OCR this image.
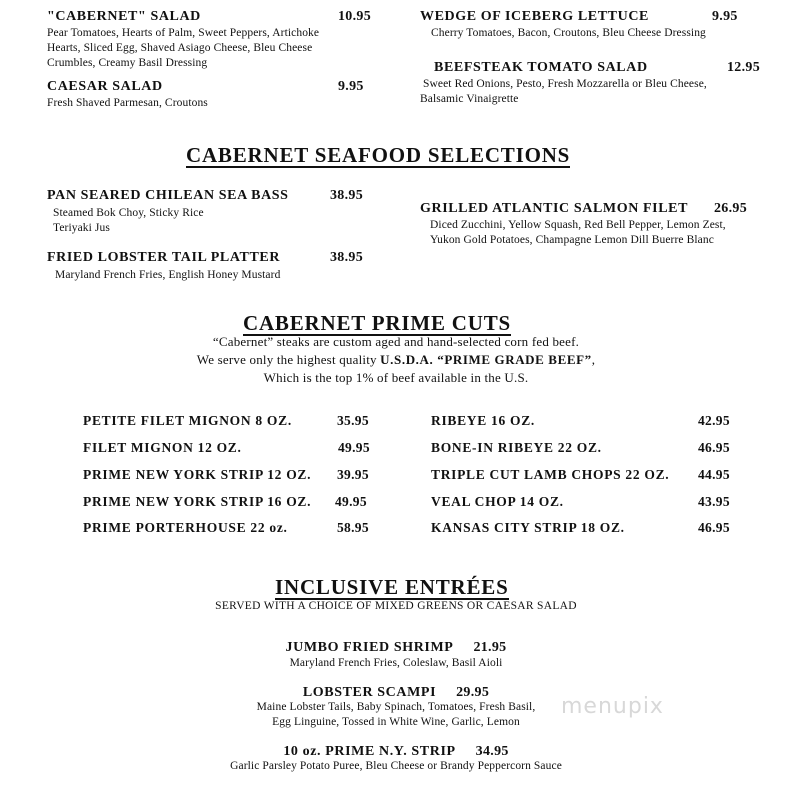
"CABERNET" SALAD	10.95
Pear Tomatoes, Hearts of Palm, Sweet Peppers, Artichoke
Hearts, Sliced Egg, Shaved Asiago Cheese, Bleu Cheese
Crumbles, Creamy Basil Dressing
CAESAR SALAD	9.95
Fresh Shaved Parmesan, Croutons
WEDGE OF ICEBERG LETTUCE	9.95
Cherry Tomatoes, Bacon, Croutons, Bleu Cheese Dressing
BEEFSTEAK TOMATO SALAD	12.95
Sweet Red Onions, Pesto, Fresh Mozzarella or Bleu Cheese,
Balsamic Vinaigrette
CABERNET SEAFOOD SELECTIONS
PAN SEARED CHILEAN SEA BASS	38.95
Steamed Bok Choy, Sticky Rice
Teriyaki Jus
FRIED LOBSTER TAIL PLATTER	38.95
Maryland French Fries, English Honey Mustard
GRILLED ATLANTIC SALMON FILET 26.95
Diced Zucchini, Yellow Squash, Red Bell Pepper, Lemon Zest,
Yukon Gold Potatoes, Champagne Lemon Dill Buerre Blanc
CABERNET PRIME CUTS
“Cabernet” steaks are custom aged and hand-selected corn fed beef.
We serve only the highest quality U.S.D.A. “PRIME GRADE BEEF”,
Which is the top 1% of beef available in the U.S.
PETITE FILET MIGNON 8 OZ.	35.95
FILET MIGNON 12 OZ.	49.95
PRIME NEW YORK STRIP 12 OZ. 39.95
PRIME NEW YORK STRIP 16 OZ. 49.95
PRIME PORTERHOUSE 22 oz.	58.95
RIBEYE 16 OZ.	42.95
BONE-IN RIBEYE 22 OZ.	46.95
TRIPLE CUT LAMB CHOPS 22 OZ. 44.95
VEAL CHOP 14 OZ.	43.95
KANSAS CITY STRIP 18 OZ.	46.95
INCLUSIVE ENTRÉES
SERVED WITH A CHOICE OF MIXED GREENS OR CAESAR SALAD
JUMBO FRIED SHRIMP 21.95
Maryland French Fries, Coleslaw, Basil Aioli
LOBSTER SCAMPI 29.95
Maine Lobster Tails, Baby Spinach, Tomatoes, Fresh Basil,
Egg Linguine, Tossed in White Wine, Garlic, Lemon
10 oz. PRIME N.Y. STRIP 34.95
Garlic Parsley Potato Puree, Bleu Cheese or Brandy Peppercorn Sauce
menupix
